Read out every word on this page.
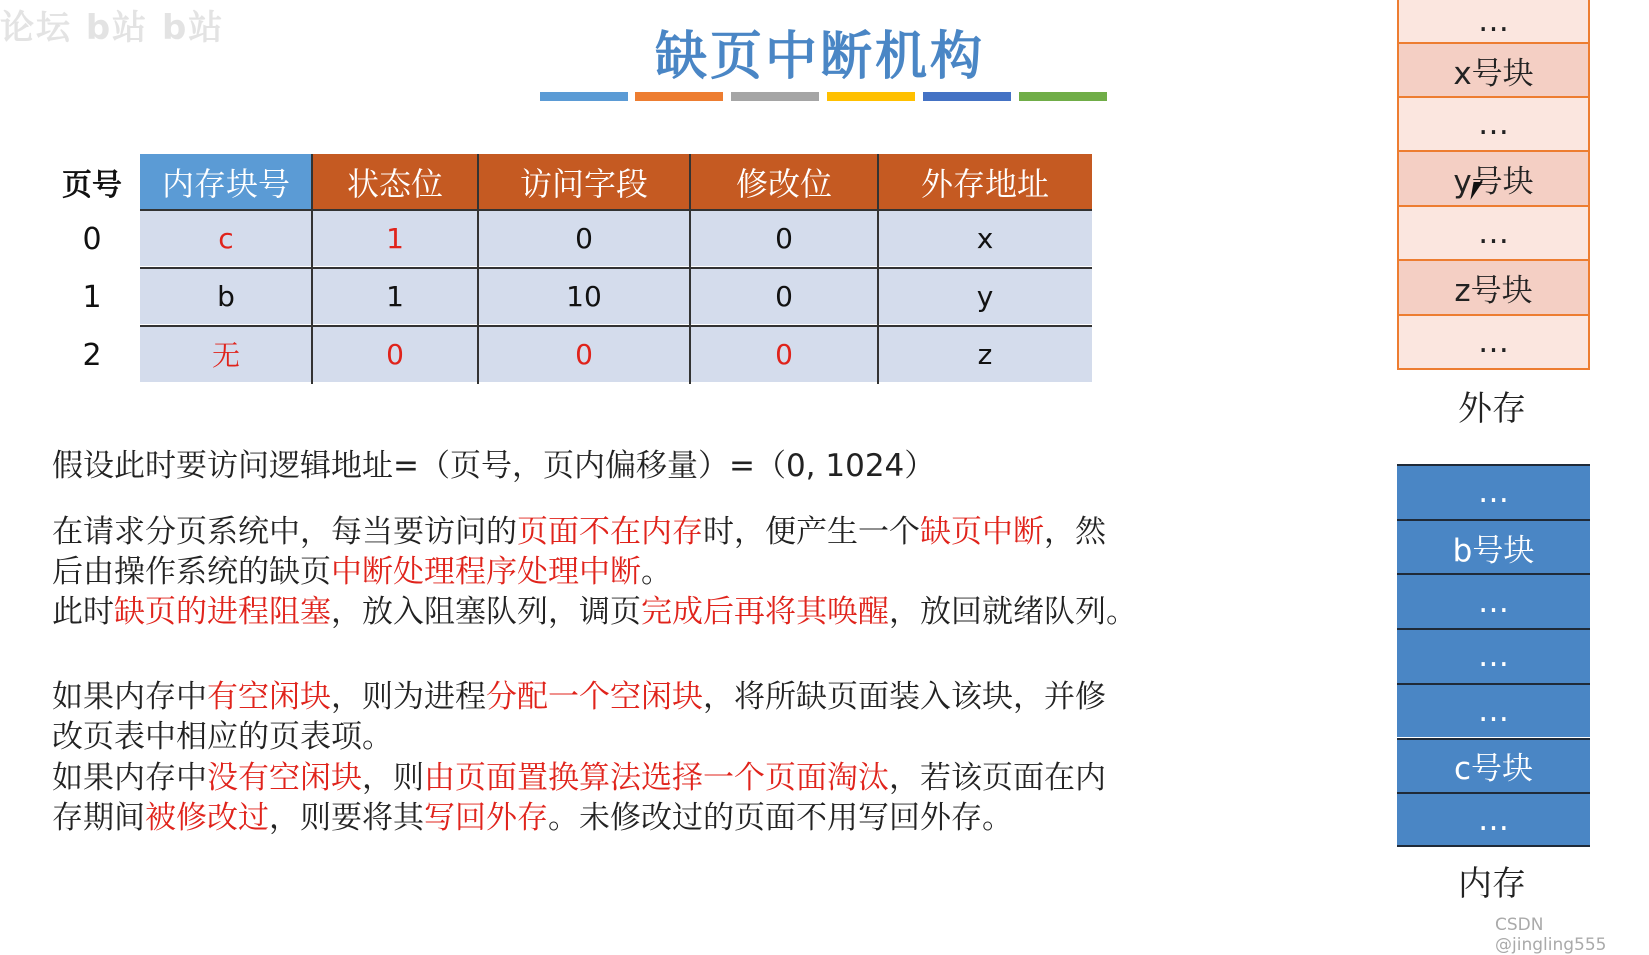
论坛 b站 b站	缺页中断机构
页号	内存块号	状态位	访问字段	修改位	外存地址
0	c	1	0	0	x
1	b	1	10	0	y
2	无	0	0	0	z
假设此时要访问逻辑地址=（页号，页内偏移量）=（0, 1024）
在请求分页系统中，每当要访问的页面不在内存时，便产生一个缺页中断，然
后由操作系统的缺页中断处理程序处理中断。
此时缺页的进程阻塞，放入阻塞队列，调页完成后再将其唤醒，放回就绪队列。
如果内存中有空闲块，则为进程分配一个空闲块，将所缺页面装入该块，并修
改页表中相应的页表项。
如果内存中没有空闲块，则由页面置换算法选择一个页面淘汰，若该页面在内
存期间被修改过，则要将其写回外存。未修改过的页面不用写回外存。
…
x号块
…
y号块
…
z号块
…
外存
…
b号块
…
…
…
c号块
…
内存
CSDN @jingling555
